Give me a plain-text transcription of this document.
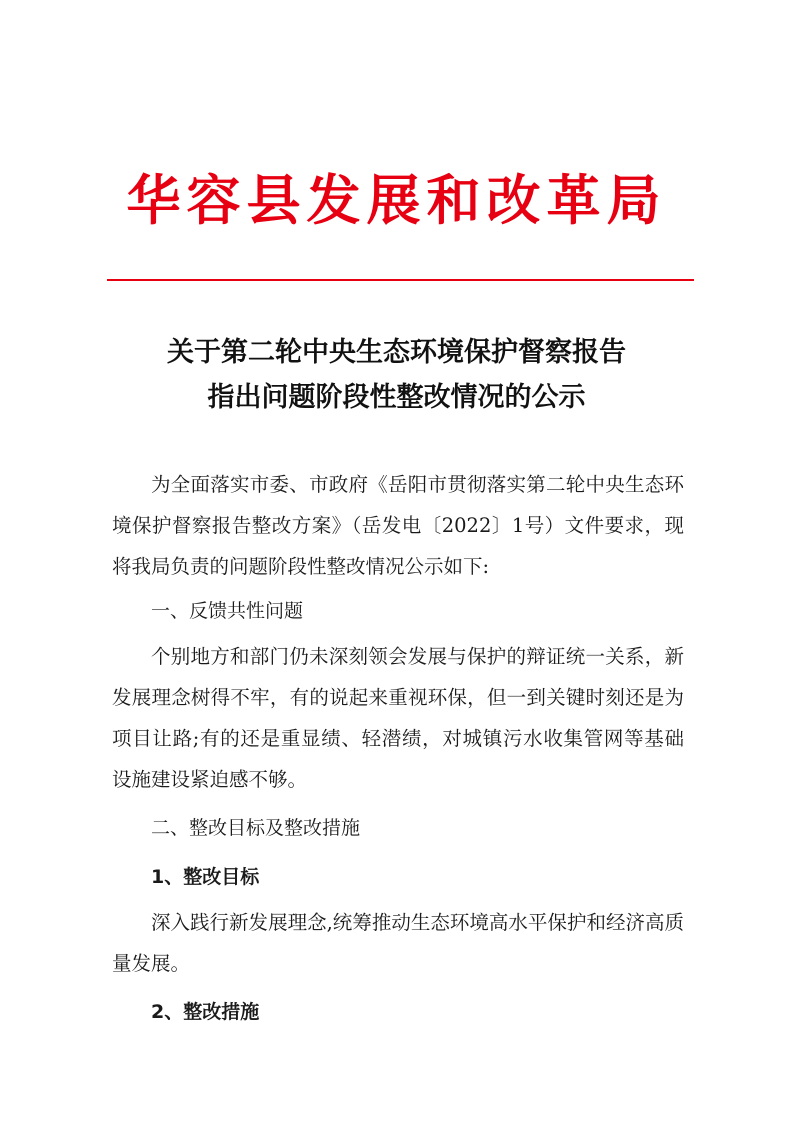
华容县发展和改革局
关于第二轮中央生态环境保护督察报告
指出问题阶段性整改情况的公示

为全面落实市委、市政府《岳阳市贯彻落实第二轮中央生态环境保护督察报告整改方案》（岳发电〔2022〕1号）文件要求，现将我局负责的问题阶段性整改情况公示如下:

一、反馈共性问题

个别地方和部门仍未深刻领会发展与保护的辩证统一关系，新发展理念树得不牢，有的说起来重视环保，但一到关键时刻还是为项目让路;有的还是重显绩、轻潜绩，对城镇污水收集管网等基础设施建设紧迫感不够。

二、整改目标及整改措施

1、整改目标

深入践行新发展理念,统筹推动生态环境高水平保护和经济高质量发展。

2、整改措施
